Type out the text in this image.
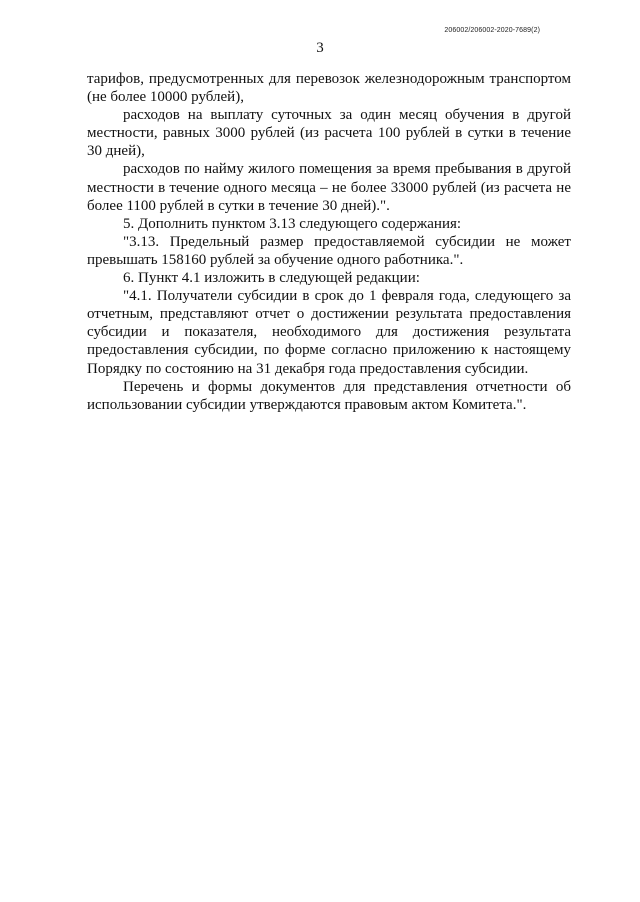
206002/206002-2020-7689(2)
3

тарифов, предусмотренных для перевозок железнодорожным транспортом (не более 10000 рублей),

расходов на выплату суточных за один месяц обучения в другой местности, равных 3000 рублей (из расчета 100 рублей в сутки в течение 30 дней),

расходов по найму жилого помещения за время пребывания в другой местности в течение одного месяца – не более 33000 рублей (из расчета не более 1100 рублей в сутки в течение 30 дней).".

5. Дополнить пунктом 3.13 следующего содержания:

"3.13. Предельный размер предоставляемой субсидии не может превышать 158160 рублей за обучение одного работника.".

6. Пункт 4.1 изложить в следующей редакции:

"4.1. Получатели субсидии в срок до 1 февраля года, следующего за отчетным, представляют отчет о достижении результата предоставления субсидии и показателя, необходимого для достижения результата предоставления субсидии, по форме согласно приложению к настоящему Порядку по состоянию на 31 декабря года предоставления субсидии.

Перечень и формы документов для представления отчетности об использовании субсидии утверждаются правовым актом Комитета.".
